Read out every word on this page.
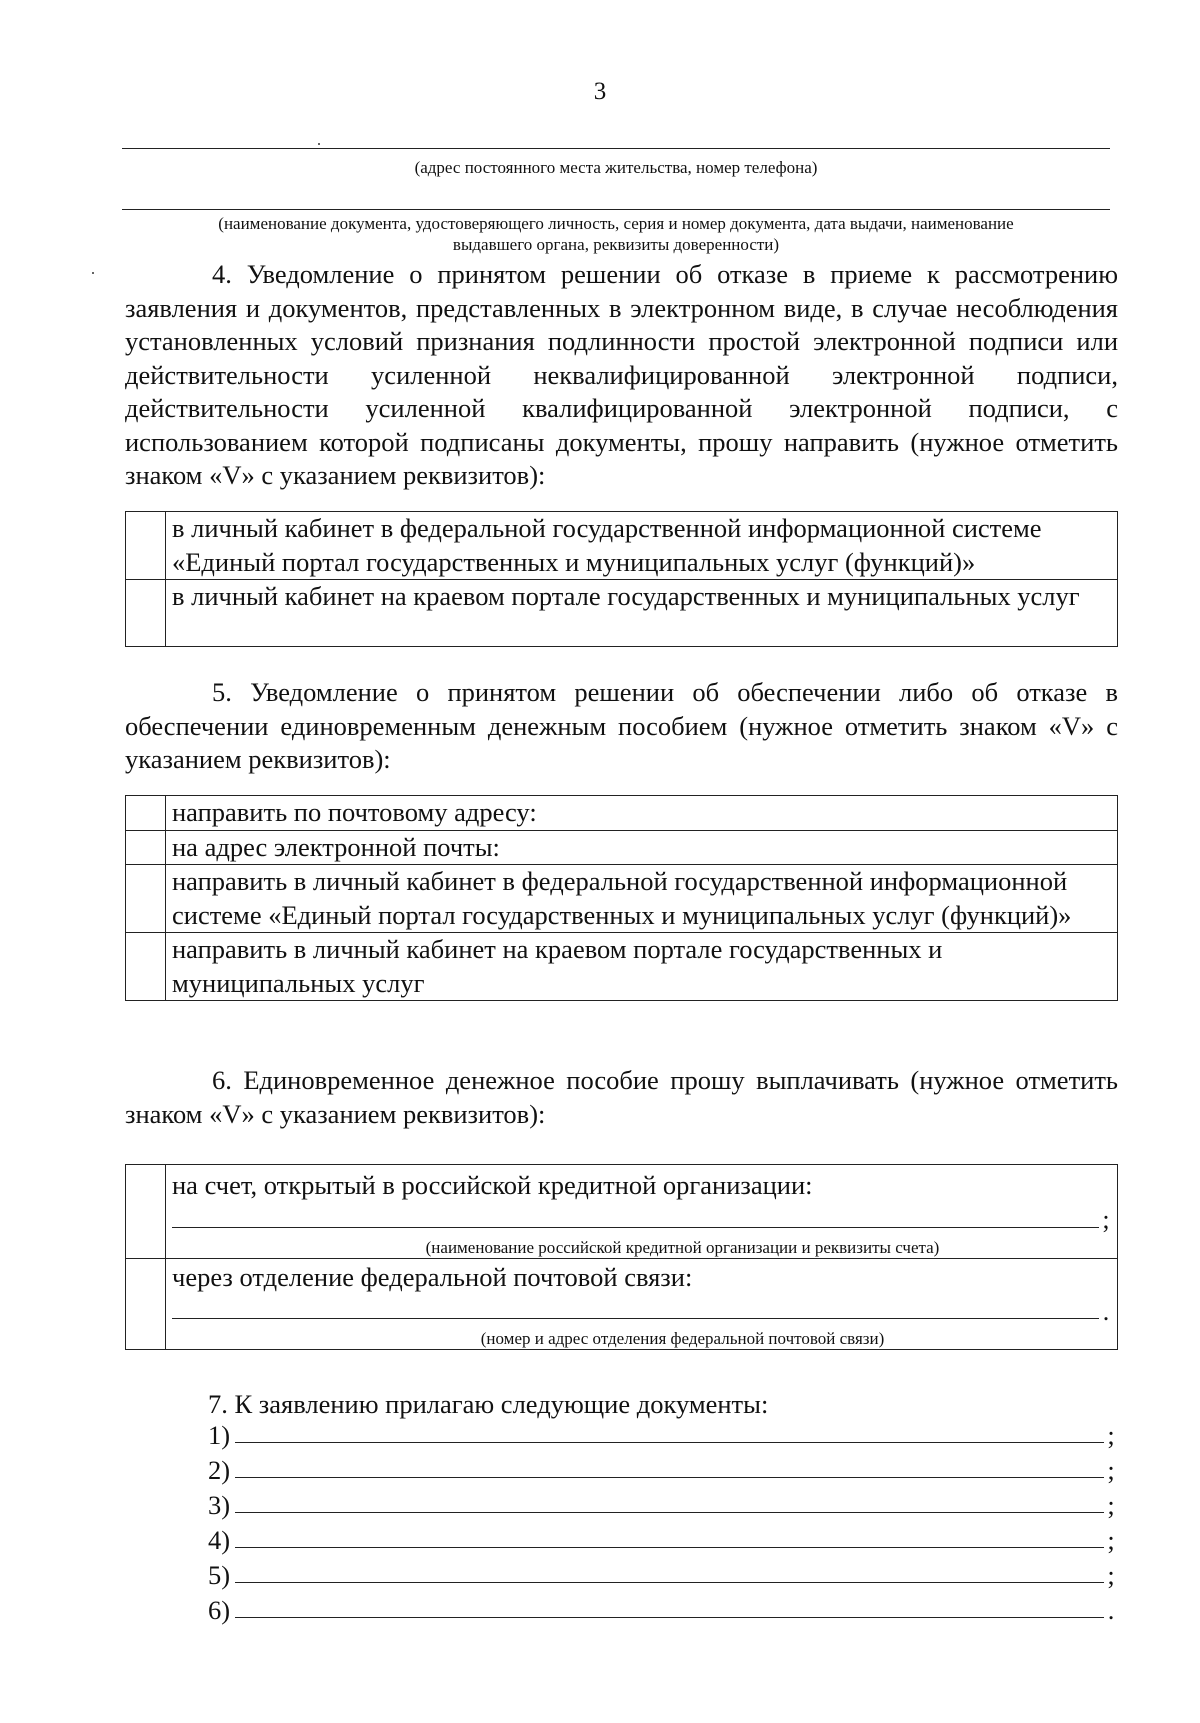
3
(адрес постоянного места жительства, номер телефона)
(наименование документа, удостоверяющего личность, серия и номер документа, дата выдачи, наименование
выдавшего органа, реквизиты доверенности)

4. Уведомление о принятом решении об отказе в приеме к рассмотрению заявления и документов, представленных в электронном виде, в случае несоблюдения установленных условий признания подлинности простой электронной подписи или действительности усиленной неквалифицированной электронной подписи, действительности усиленной квалифицированной электронной подписи, с использованием которой подписаны документы, прошу направить (нужное отметить знаком «V» с указанием реквизитов):

	в личный кабинет в федеральной государственной информационной системе «Единый портал государственных и муниципальных услуг (функций)»
	в личный кабинет на краевом портале государственных и муниципальных услуг

5. Уведомление о принятом решении об обеспечении либо об отказе в обеспечении единовременным денежным пособием (нужное отметить знаком «V» с указанием реквизитов):

	направить по почтовому адресу:
	на адрес электронной почты:
	направить в личный кабинет в федеральной государственной информационной системе «Единый портал государственных и муниципальных услуг (функций)»
	направить в личный кабинет на краевом портале государственных и муниципальных услуг

6. Единовременное денежное пособие прошу выплачивать (нужное отметить знаком «V» с указанием реквизитов):

	на счет, открытый в российской кредитной организации:
;
(наименование российской кредитной организации и реквизиты счета)

	через отделение федеральной почтовой связи:
.
(номер и адрес отделения федеральной почтовой связи)
7. К заявлению прилагаю следующие документы:
1)	;
2)	;
3)	;
4)	;
5)	;
6)	.
